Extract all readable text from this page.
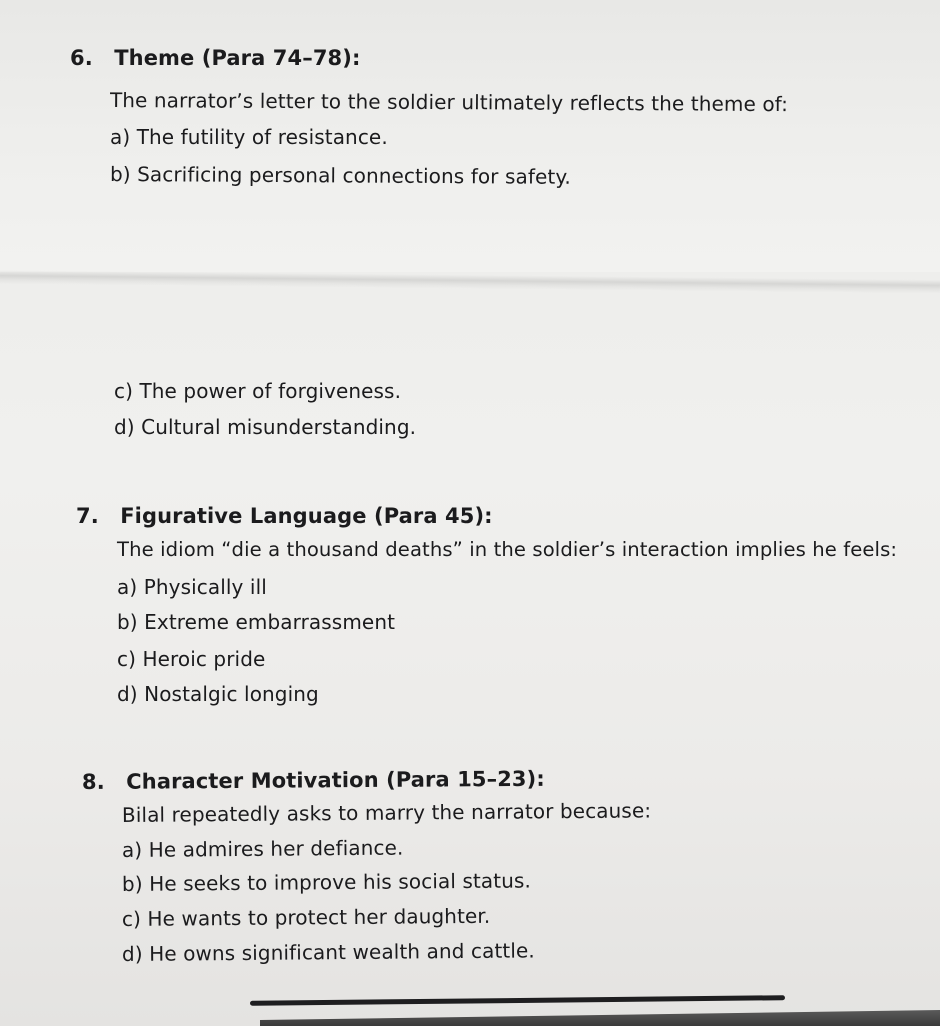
6. Theme (Para 74–78):

The narrator’s letter to the soldier ultimately reflects the theme of:

a) The futility of resistance.

b) Sacrificing personal connections for safety.

c) The power of forgiveness.

d) Cultural misunderstanding.

7. Figurative Language (Para 45):

The idiom “die a thousand deaths” in the soldier’s interaction implies he feels:

a) Physically ill

b) Extreme embarrassment

c) Heroic pride

d) Nostalgic longing

8. Character Motivation (Para 15–23):

Bilal repeatedly asks to marry the narrator because:

a) He admires her defiance.

b) He seeks to improve his social status.

c) He wants to protect her daughter.

d) He owns significant wealth and cattle.
